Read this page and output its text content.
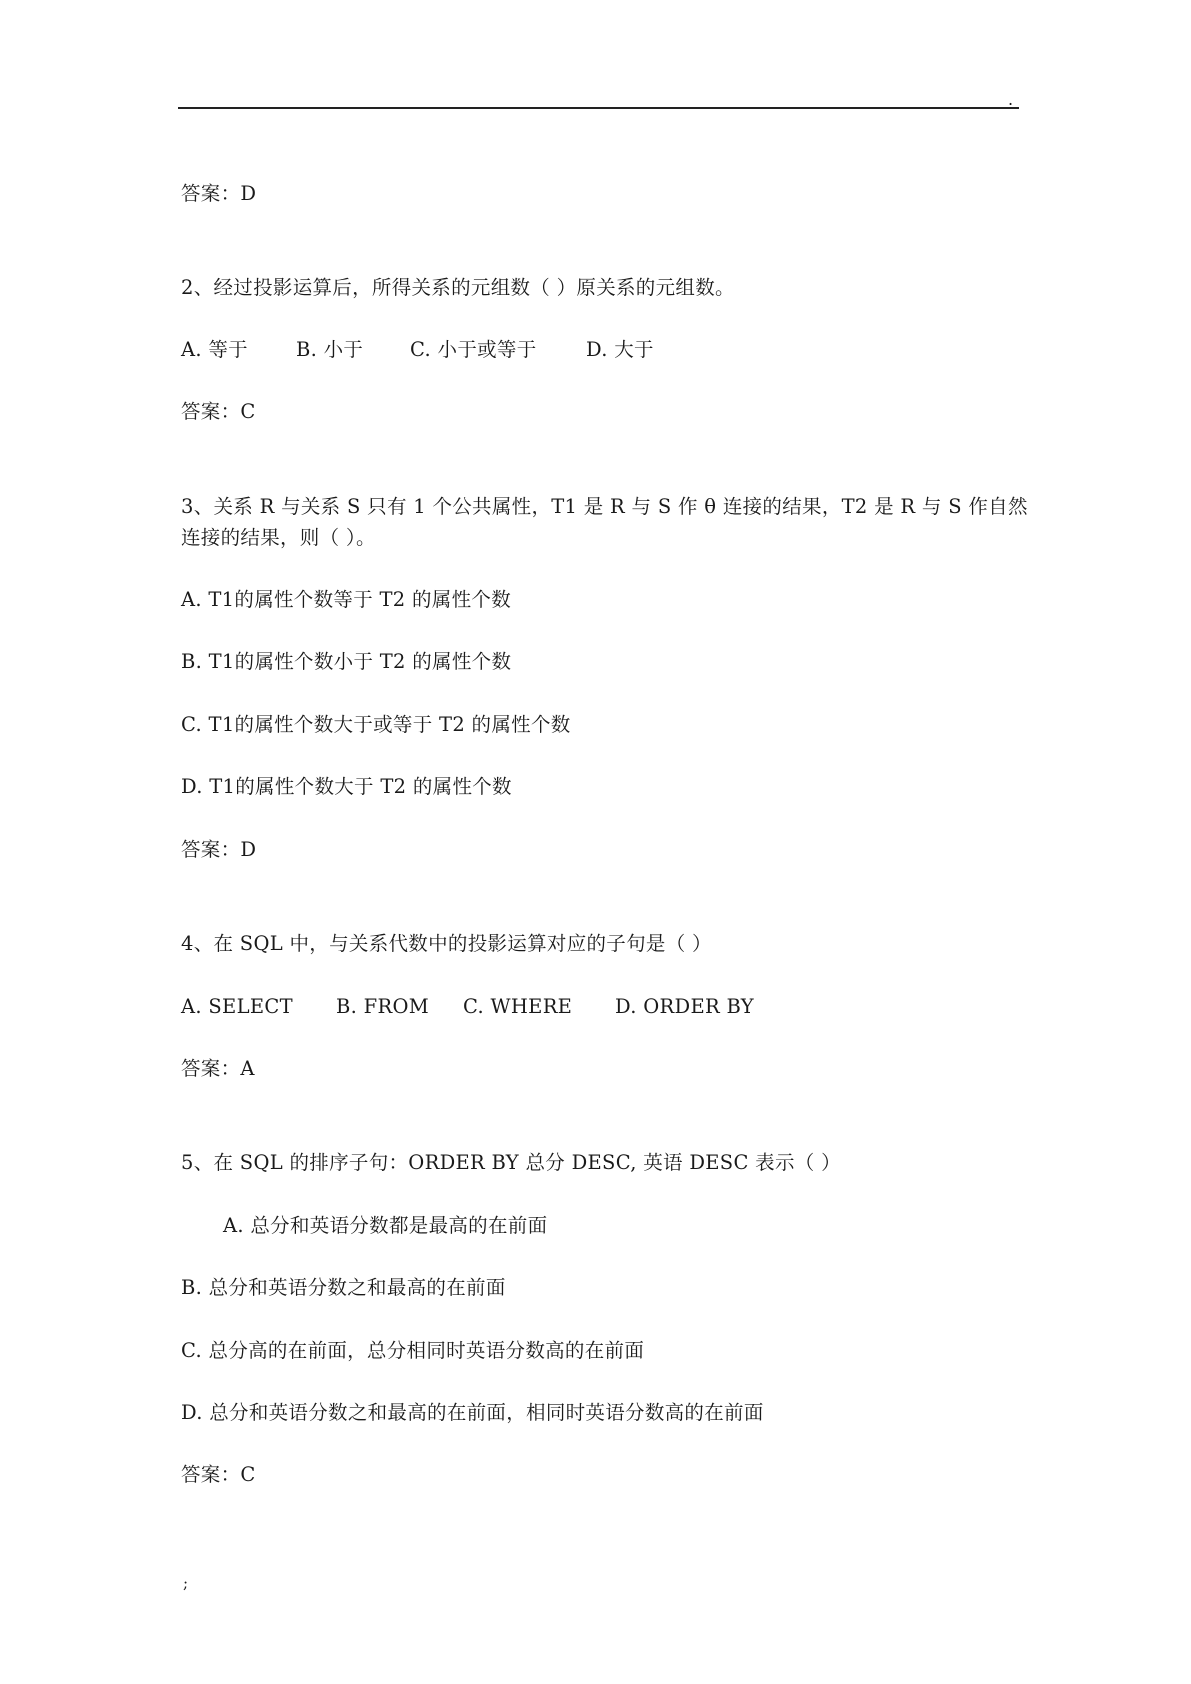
.
答案：D
2、经过投影运算后，所得关系的元组数（ ）原关系的元组数。
A. 等于 B. 小于 C. 小于或等于	D. 大于
答案：C
3、关系 R 与关系 S 只有 1 个公共属性，T1 是 R 与 S 作 θ 连接的结果，T2 是 R 与 S 作自然
连接的结果，则（ ）。
A. T1的属性个数等于 T2 的属性个数
B. T1的属性个数小于 T2 的属性个数
C. T1的属性个数大于或等于 T2 的属性个数
D. T1的属性个数大于 T2 的属性个数
答案：D
4、在 SQL 中，与关系代数中的投影运算对应的子句是（ ）
A. SELECT B. FROM C. WHERE D. ORDER BY
答案：A
5、在 SQL 的排序子句：ORDER BY 总分 DESC, 英语 DESC 表示（ ）
A. 总分和英语分数都是最高的在前面
B. 总分和英语分数之和最高的在前面
C. 总分高的在前面，总分相同时英语分数高的在前面
D. 总分和英语分数之和最高的在前面，相同时英语分数高的在前面
答案：C
;
